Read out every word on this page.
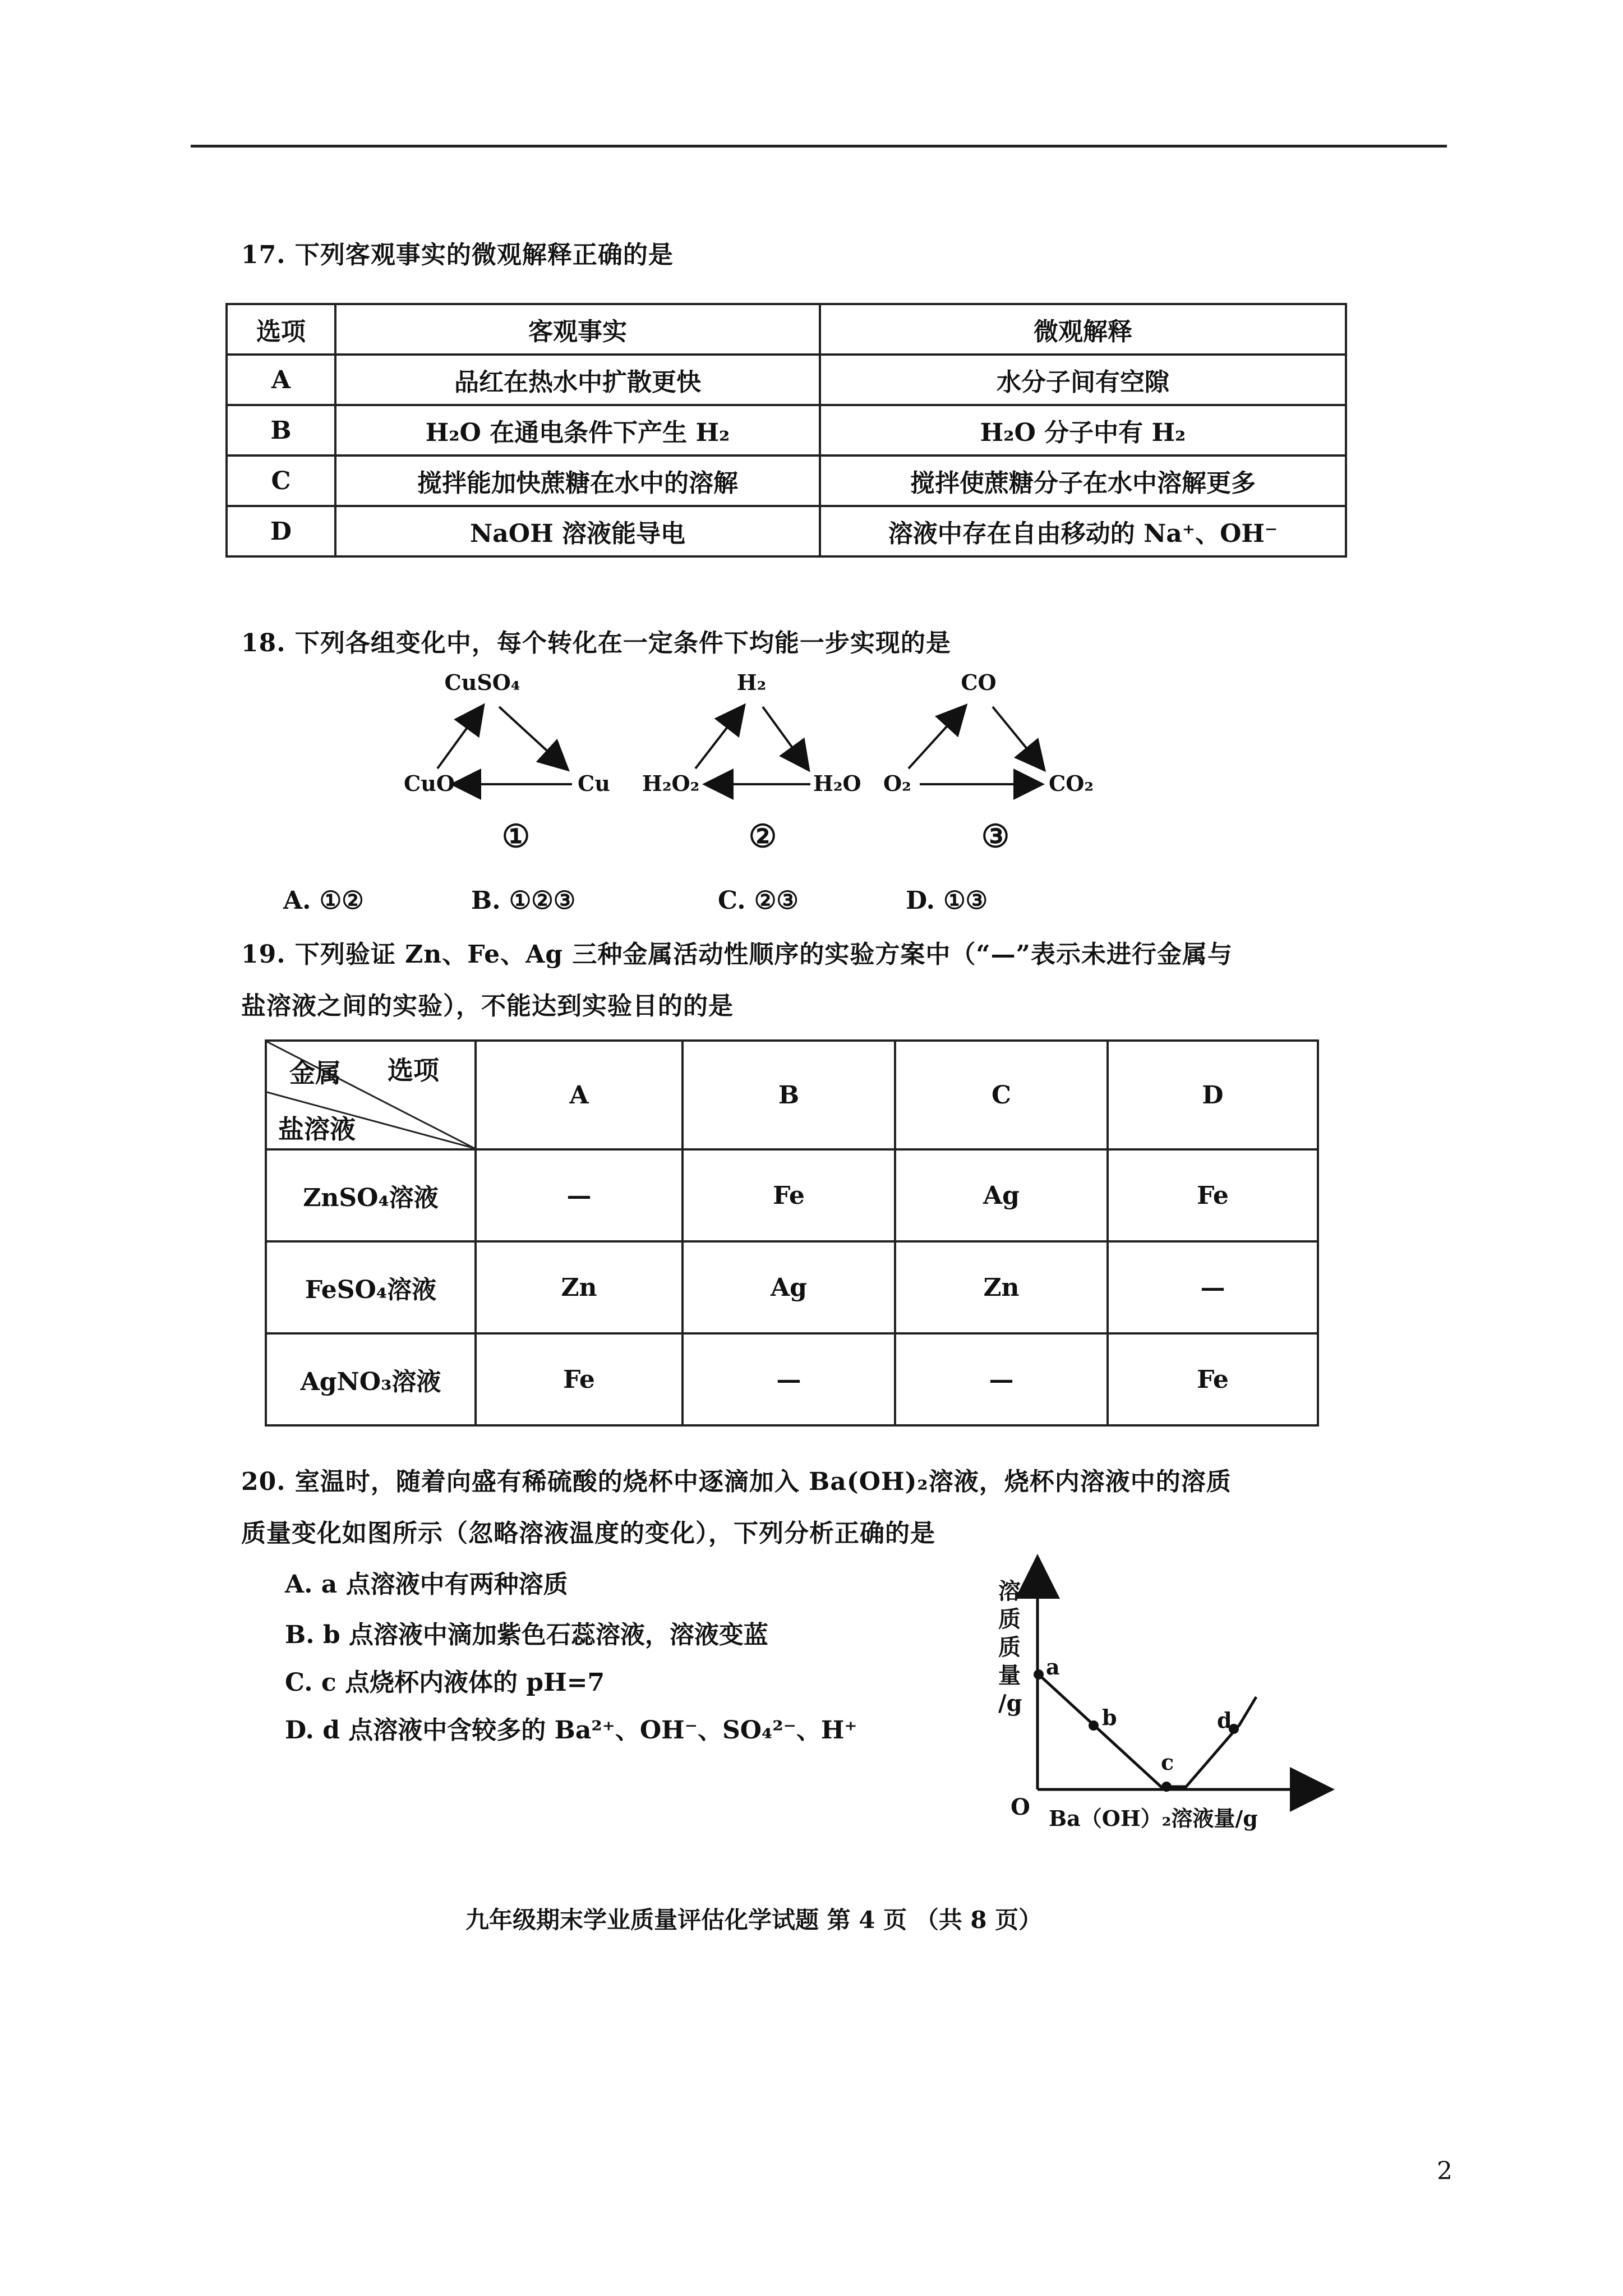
17. 下列客观事实的微观解释正确的是
选项	客观事实	微观解释
A	品红在热水中扩散更快	水分子间有空隙
B	H₂O 在通电条件下产生 H₂	H₂O 分子中有 H₂
C	搅拌能加快蔗糖在水中的溶解	搅拌使蔗糖分子在水中溶解更多
D	NaOH 溶液能导电	溶液中存在自由移动的 Na⁺、OH⁻
18. 下列各组变化中，每个转化在一定条件下均能一步实现的是
CuSO₄
CuO	Cu
①
H₂
H₂O₂	H₂O
②
CO
O₂	CO₂
③
A. ①②	B. ①②③	C. ②③	D. ①③
19. 下列验证 Zn、Fe、Ag 三种金属活动性顺序的实验方案中（“—”表示未进行金属与
盐溶液之间的实验），不能达到实验目的的是
金属 选项
盐溶液	A	B	C	D
ZnSO₄溶液	—	Fe	Ag	Fe
FeSO₄溶液	Zn	Ag	Zn	—
AgNO₃溶液	Fe	—	—	Fe
20. 室温时，随着向盛有稀硫酸的烧杯中逐滴加入 Ba(OH)₂溶液，烧杯内溶液中的溶质
质量变化如图所示（忽略溶液温度的变化），下列分析正确的是
A. a 点溶液中有两种溶质
B. b 点溶液中滴加紫色石蕊溶液，溶液变蓝
C. c 点烧杯内液体的 pH=7
D. d 点溶液中含较多的 Ba²⁺、OH⁻、SO₄²⁻、H⁺
溶
质
质
量
/g
O Ba（OH）₂溶液量/g
a
b
c
d
九年级期末学业质量评估化学试题 第 4 页 （共 8 页）
2
